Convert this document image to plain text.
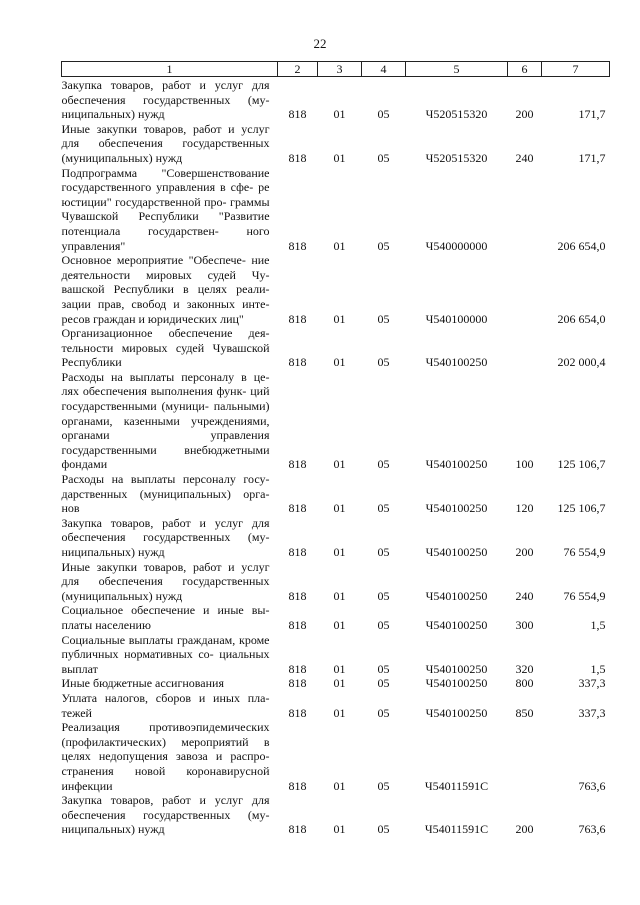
22
1	2	3	4	5	6	7
Закупка товаров, работ и услуг для обеспечения государственных (му- ниципальных) нужд	818	01	05	Ч520515320	200	171,7
Иные закупки товаров, работ и услуг для обеспечения государственных (муниципальных) нужд	818	01	05	Ч520515320	240	171,7
Подпрограмма "Совершенствование государственного управления в сфе- ре юстиции" государственной про- граммы Чувашской Республики "Развитие потенциала государствен- ного управления"	818	01	05	Ч540000000		206 654,0
Основное мероприятие "Обеспече- ние деятельности мировых судей Чу- вашской Республики в целях реали- зации прав, свобод и законных инте- ресов граждан и юридических лиц"	818	01	05	Ч540100000		206 654,0
Организационное обеспечение дея- тельности мировых судей Чувашской Республики	818	01	05	Ч540100250		202 000,4
Расходы на выплаты персоналу в це- лях обеспечения выполнения функ- ций государственными (муници- пальными) органами, казенными учреждениями, органами управления государственными внебюджетными фондами	818	01	05	Ч540100250	100	125 106,7
Расходы на выплаты персоналу госу- дарственных (муниципальных) орга- нов	818	01	05	Ч540100250	120	125 106,7
Закупка товаров, работ и услуг для обеспечения государственных (му- ниципальных) нужд	818	01	05	Ч540100250	200	76 554,9
Иные закупки товаров, работ и услуг для обеспечения государственных (муниципальных) нужд	818	01	05	Ч540100250	240	76 554,9
Социальное обеспечение и иные вы- платы населению	818	01	05	Ч540100250	300	1,5
Социальные выплаты гражданам, кроме публичных нормативных со- циальных выплат	818	01	05	Ч540100250	320	1,5
Иные бюджетные ассигнования	818	01	05	Ч540100250	800	337,3
Уплата налогов, сборов и иных пла- тежей	818	01	05	Ч540100250	850	337,3
Реализация противоэпидемических (профилактических) мероприятий в целях недопущения завоза и распро- странения новой коронавирусной инфекции	818	01	05	Ч54011591С		763,6
Закупка товаров, работ и услуг для обеспечения государственных (му- ниципальных) нужд	818	01	05	Ч54011591С	200	763,6
